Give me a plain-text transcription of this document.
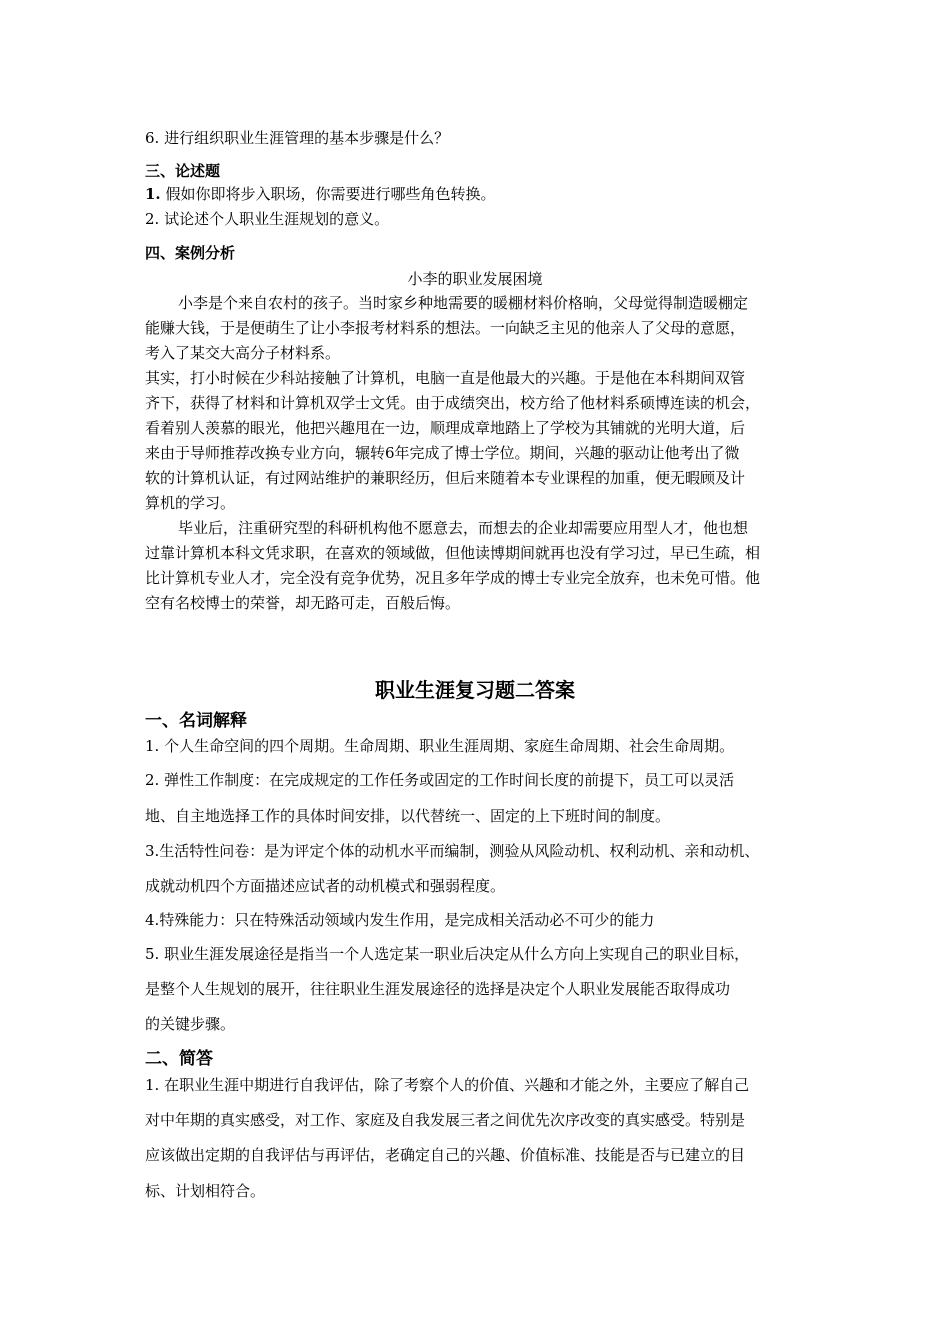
6. 进行组织职业生涯管理的基本步骤是什么？
三、论述题
1. 假如你即将步入职场，你需要进行哪些角色转换。
2. 试论述个人职业生涯规划的意义。
四、案例分析
小李的职业发展困境
小李是个来自农村的孩子。当时家乡种地需要的暖棚材料价格晌，父母觉得制造暖棚定
能赚大钱，于是便萌生了让小李报考材料系的想法。一向缺乏主见的他亲人了父母的意愿，
考入了某交大高分子材料系。
其实，打小时候在少科站接触了计算机，电脑一直是他最大的兴趣。于是他在本科期间双管
齐下，获得了材料和计算机双学士文凭。由于成绩突出，校方给了他材料系硕博连读的机会，
看着别人羡慕的眼光，他把兴趣甩在一边，顺理成章地踏上了学校为其铺就的光明大道，后
来由于导师推荐改换专业方向，辗转6年完成了博士学位。期间，兴趣的驱动让他考出了微
软的计算机认证，有过网站维护的兼职经历，但后来随着本专业课程的加重，便无暇顾及计
算机的学习。
毕业后，注重研究型的科研机构他不愿意去，而想去的企业却需要应用型人才，他也想
过靠计算机本科文凭求职，在喜欢的领域做，但他读博期间就再也没有学习过，早已生疏，相
比计算机专业人才，完全没有竞争优势，况且多年学成的博士专业完全放弃，也未免可惜。他
空有名校博士的荣誉，却无路可走，百般后悔。
职业生涯复习题二答案
一、名词解释
1. 个人生命空间的四个周期。生命周期、职业生涯周期、家庭生命周期、社会生命周期。
2. 弹性工作制度：在完成规定的工作任务或固定的工作时间长度的前提下，员工可以灵活
地、自主地选择工作的具体时间安排，以代替统一、固定的上下班时间的制度。
3.生活特性问卷：是为评定个体的动机水平而编制，测验从风险动机、权利动机、亲和动机、
成就动机四个方面描述应试者的动机模式和强弱程度。
4.特殊能力：只在特殊活动领域内发生作用，是完成相关活动必不可少的能力
5. 职业生涯发展途径是指当一个人选定某一职业后决定从什么方向上实现自己的职业目标，
是整个人生规划的展开，往往职业生涯发展途径的选择是决定个人职业发展能否取得成功
的关键步骤。
二、简答
1. 在职业生涯中期进行自我评估，除了考察个人的价值、兴趣和才能之外，主要应了解自己
对中年期的真实感受，对工作、家庭及自我发展三者之间优先次序改变的真实感受。特别是
应该做出定期的自我评估与再评估，老确定自己的兴趣、价值标准、技能是否与已建立的目
标、计划相符合。
